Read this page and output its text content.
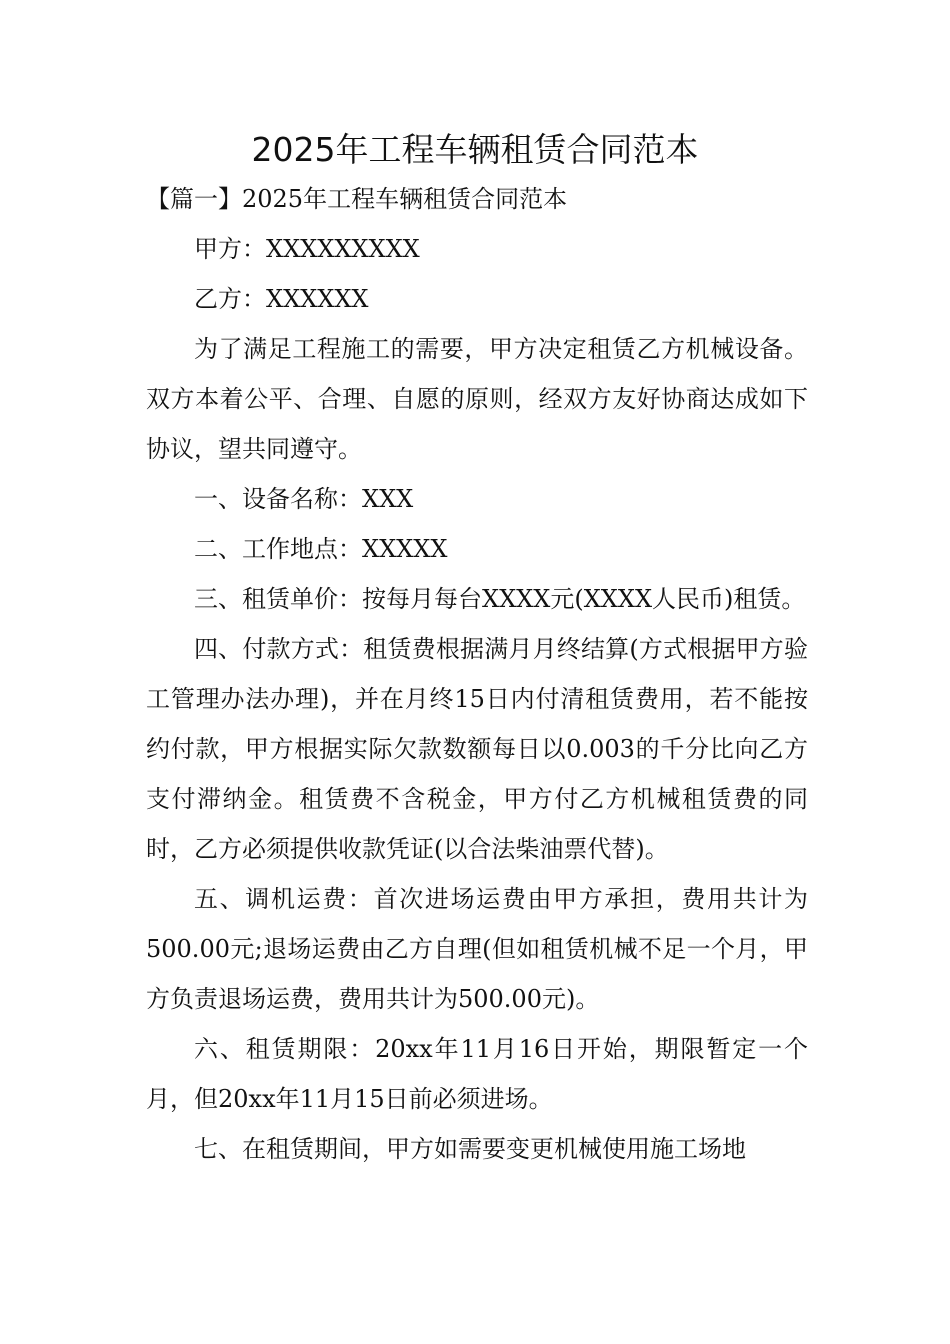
2025年工程车辆租赁合同范本

【篇一】2025年工程车辆租赁合同范本

甲方：XXXXXXXXX

乙方：XXXXXX

为了满足工程施工的需要，甲方决定租赁乙方机械设备。双方本着公平、合理、自愿的原则，经双方友好协商达成如下协议，望共同遵守。

一、设备名称：XXX

二、工作地点：XXXXX

三、租赁单价：按每月每台XXXX元(XXXX人民币)租赁。

四、付款方式：租赁费根据满月月终结算(方式根据甲方验工管理办法办理)，并在月终15日内付清租赁费用，若不能按约付款，甲方根据实际欠款数额每日以0.003的千分比向乙方支付滞纳金。租赁费不含税金，甲方付乙方机械租赁费的同时，乙方必须提供收款凭证(以合法柴油票代替)。

五、调机运费：首次进场运费由甲方承担，费用共计为500.00元;退场运费由乙方自理(但如租赁机械不足一个月，甲方负责退场运费，费用共计为500.00元)。

六、租赁期限：20xx年11月16日开始，期限暂定一个月，但20xx年11月15日前必须进场。

七、在租赁期间，甲方如需要变更机械使用施工场地
